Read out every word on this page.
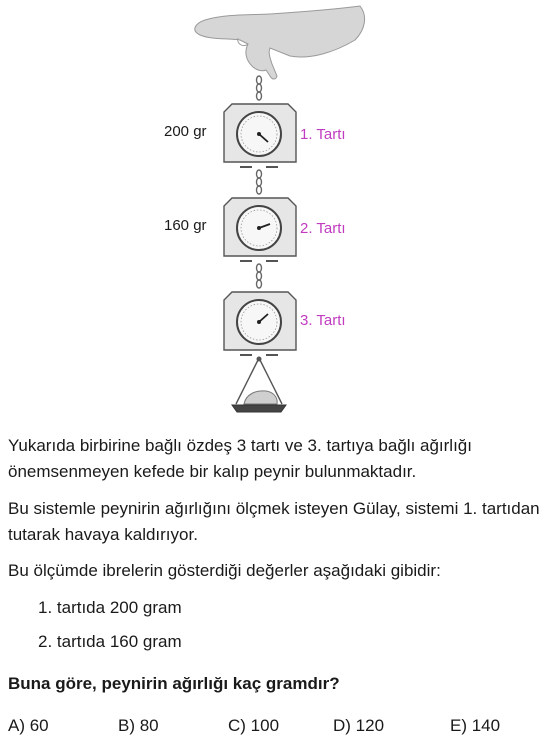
200 gr	1. Tartı
160 gr	2. Tartı
3. Tartı

Yukarıda birbirine bağlı özdeş 3 tartı ve 3. tartıya bağlı ağırlığı önemsenmeyen kefede bir kalıp peynir bulunmaktadır.

Bu sistemle peynirin ağırlığını ölçmek isteyen Gülay, sistemi 1. tartıdan tutarak havaya kaldırıyor.

Bu ölçümde ibrelerin gösterdiği değerler aşağıdaki gibidir:

1. tartıda 200 gram
2. tartıda 160 gram
Buna göre, peynirin ağırlığı kaç gramdır?
A) 60	B) 80	C) 100	D) 120	E) 140
